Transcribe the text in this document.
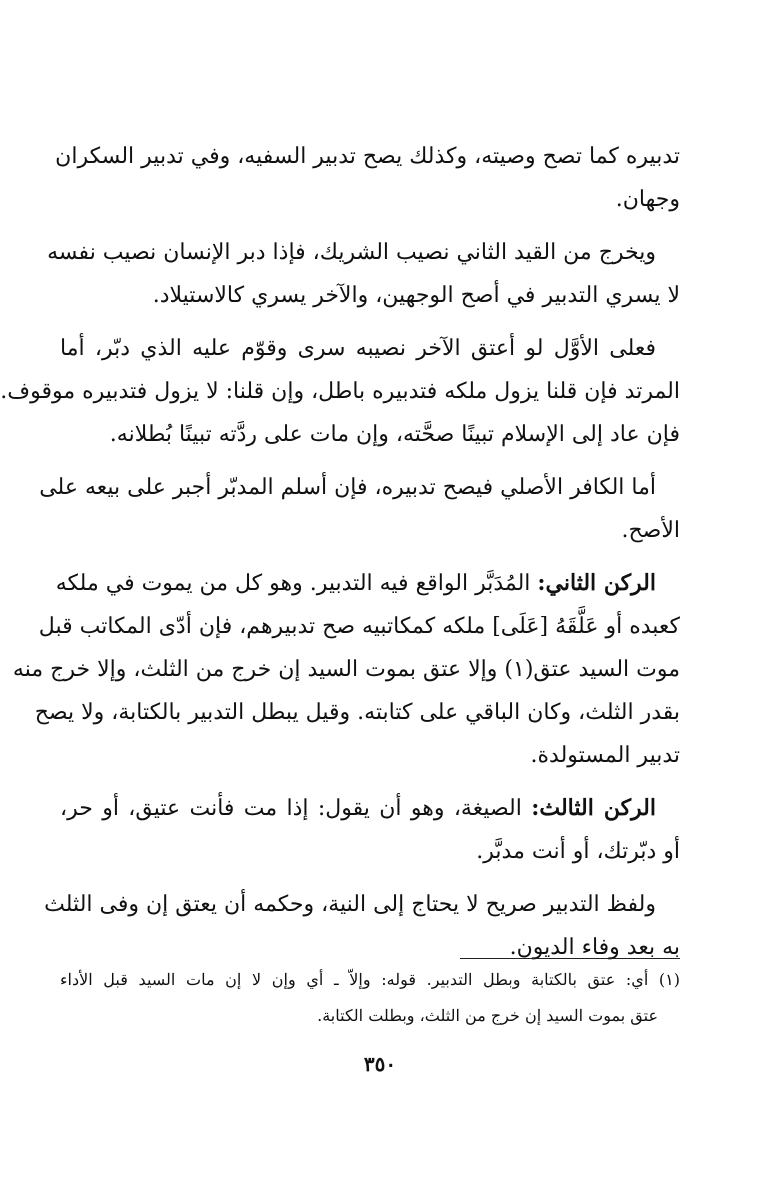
تدبيره كما تصح وصيته، وكذلك يصح تدبير السفيه، وفي تدبير السكران
وجهان.
ويخرج من القيد الثاني نصيب الشريك، فإذا دبر الإنسان نصيب نفسه
لا يسري التدبير في أصح الوجهين، والآخر يسري كالاستيلاد.
فعلى الأوَّل لو أعتق الآخر نصيبه سرى وقوّم عليه الذي دبّر، أما
المرتد فإن قلنا يزول ملكه فتدبيره باطل، وإن قلنا: لا يزول فتدبيره موقوف.
فإن عاد إلى الإسلام تبينًا صحَّته، وإن مات على ردَّته تبينًا بُطلانه.
أما الكافر الأصلي فيصح تدبيره، فإن أسلم المدبّر أجبر على بيعه على
الأصح.
الركن الثاني: المُدَبَّر الواقع فيه التدبير. وهو كل من يموت في ملكه
كعبده أو عَلَّقَهُ [عَلَى] ملكه كمكاتبيه صح تدبيرهم، فإن أدّى المكاتب قبل
موت السيد عتق(١) وإلا عتق بموت السيد إن خرج من الثلث، وإلا خرج منه
بقدر الثلث، وكان الباقي على كتابته. وقيل يبطل التدبير بالكتابة، ولا يصح
تدبير المستولدة.
الركن الثالث: الصيغة، وهو أن يقول: إذا مت فأنت عتيق، أو حر،
أو دبّرتك، أو أنت مدبَّر.
ولفظ التدبير صريح لا يحتاج إلى النية، وحكمه أن يعتق إن وفى الثلث
به بعد وفاء الديون.
(١) أي: عتق بالكتابة وبطل التدبير. قوله: وإلاّ ـ أي وإن لا إن مات السيد قبل الأداء
عتق بموت السيد إن خرج من الثلث، وبطلت الكتابة.
٣٥٠
